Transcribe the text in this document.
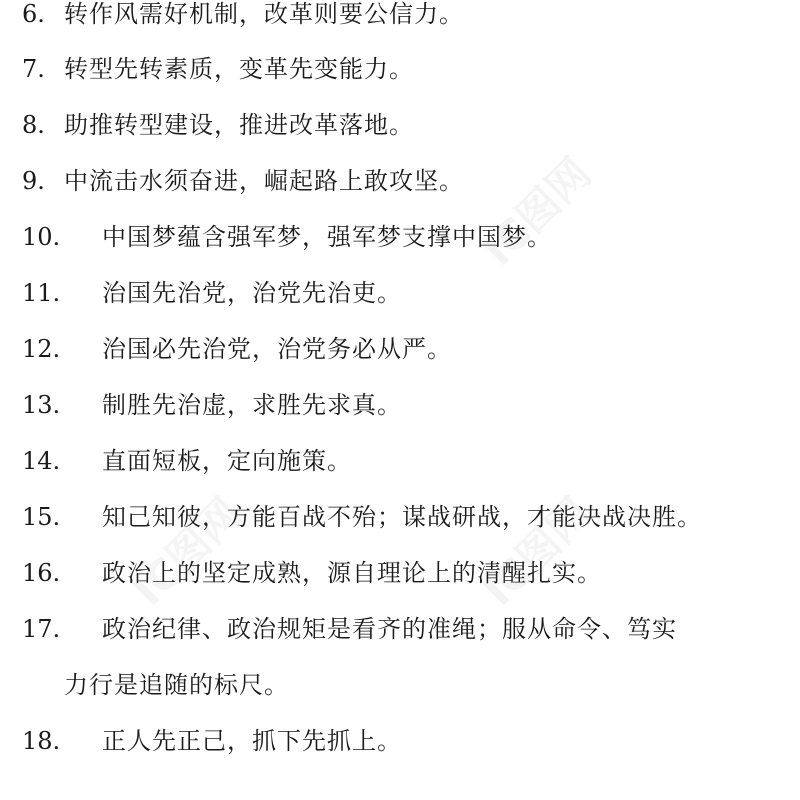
6. 转作风需好机制，改革则要公信力。
7. 转型先转素质，变革先变能力。
8. 助推转型建设，推进改革落地。
9. 中流击水须奋进，崛起路上敢攻坚。
10. 中国梦蕴含强军梦，强军梦支撑中国梦。
11. 治国先治党，治党先治吏。
12. 治国必先治党，治党务必从严。
13. 制胜先治虚，求胜先求真。
14. 直面短板，定向施策。
15. 知己知彼，方能百战不殆；谋战研战，才能决战决胜。
16. 政治上的坚定成熟，源自理论上的清醒扎实。
17. 政治纪律、政治规矩是看齐的准绳；服从命令、笃实
力行是追随的标尺。
18. 正人先正己，抓下先抓上。
IC图网
IC图网	IC图网
